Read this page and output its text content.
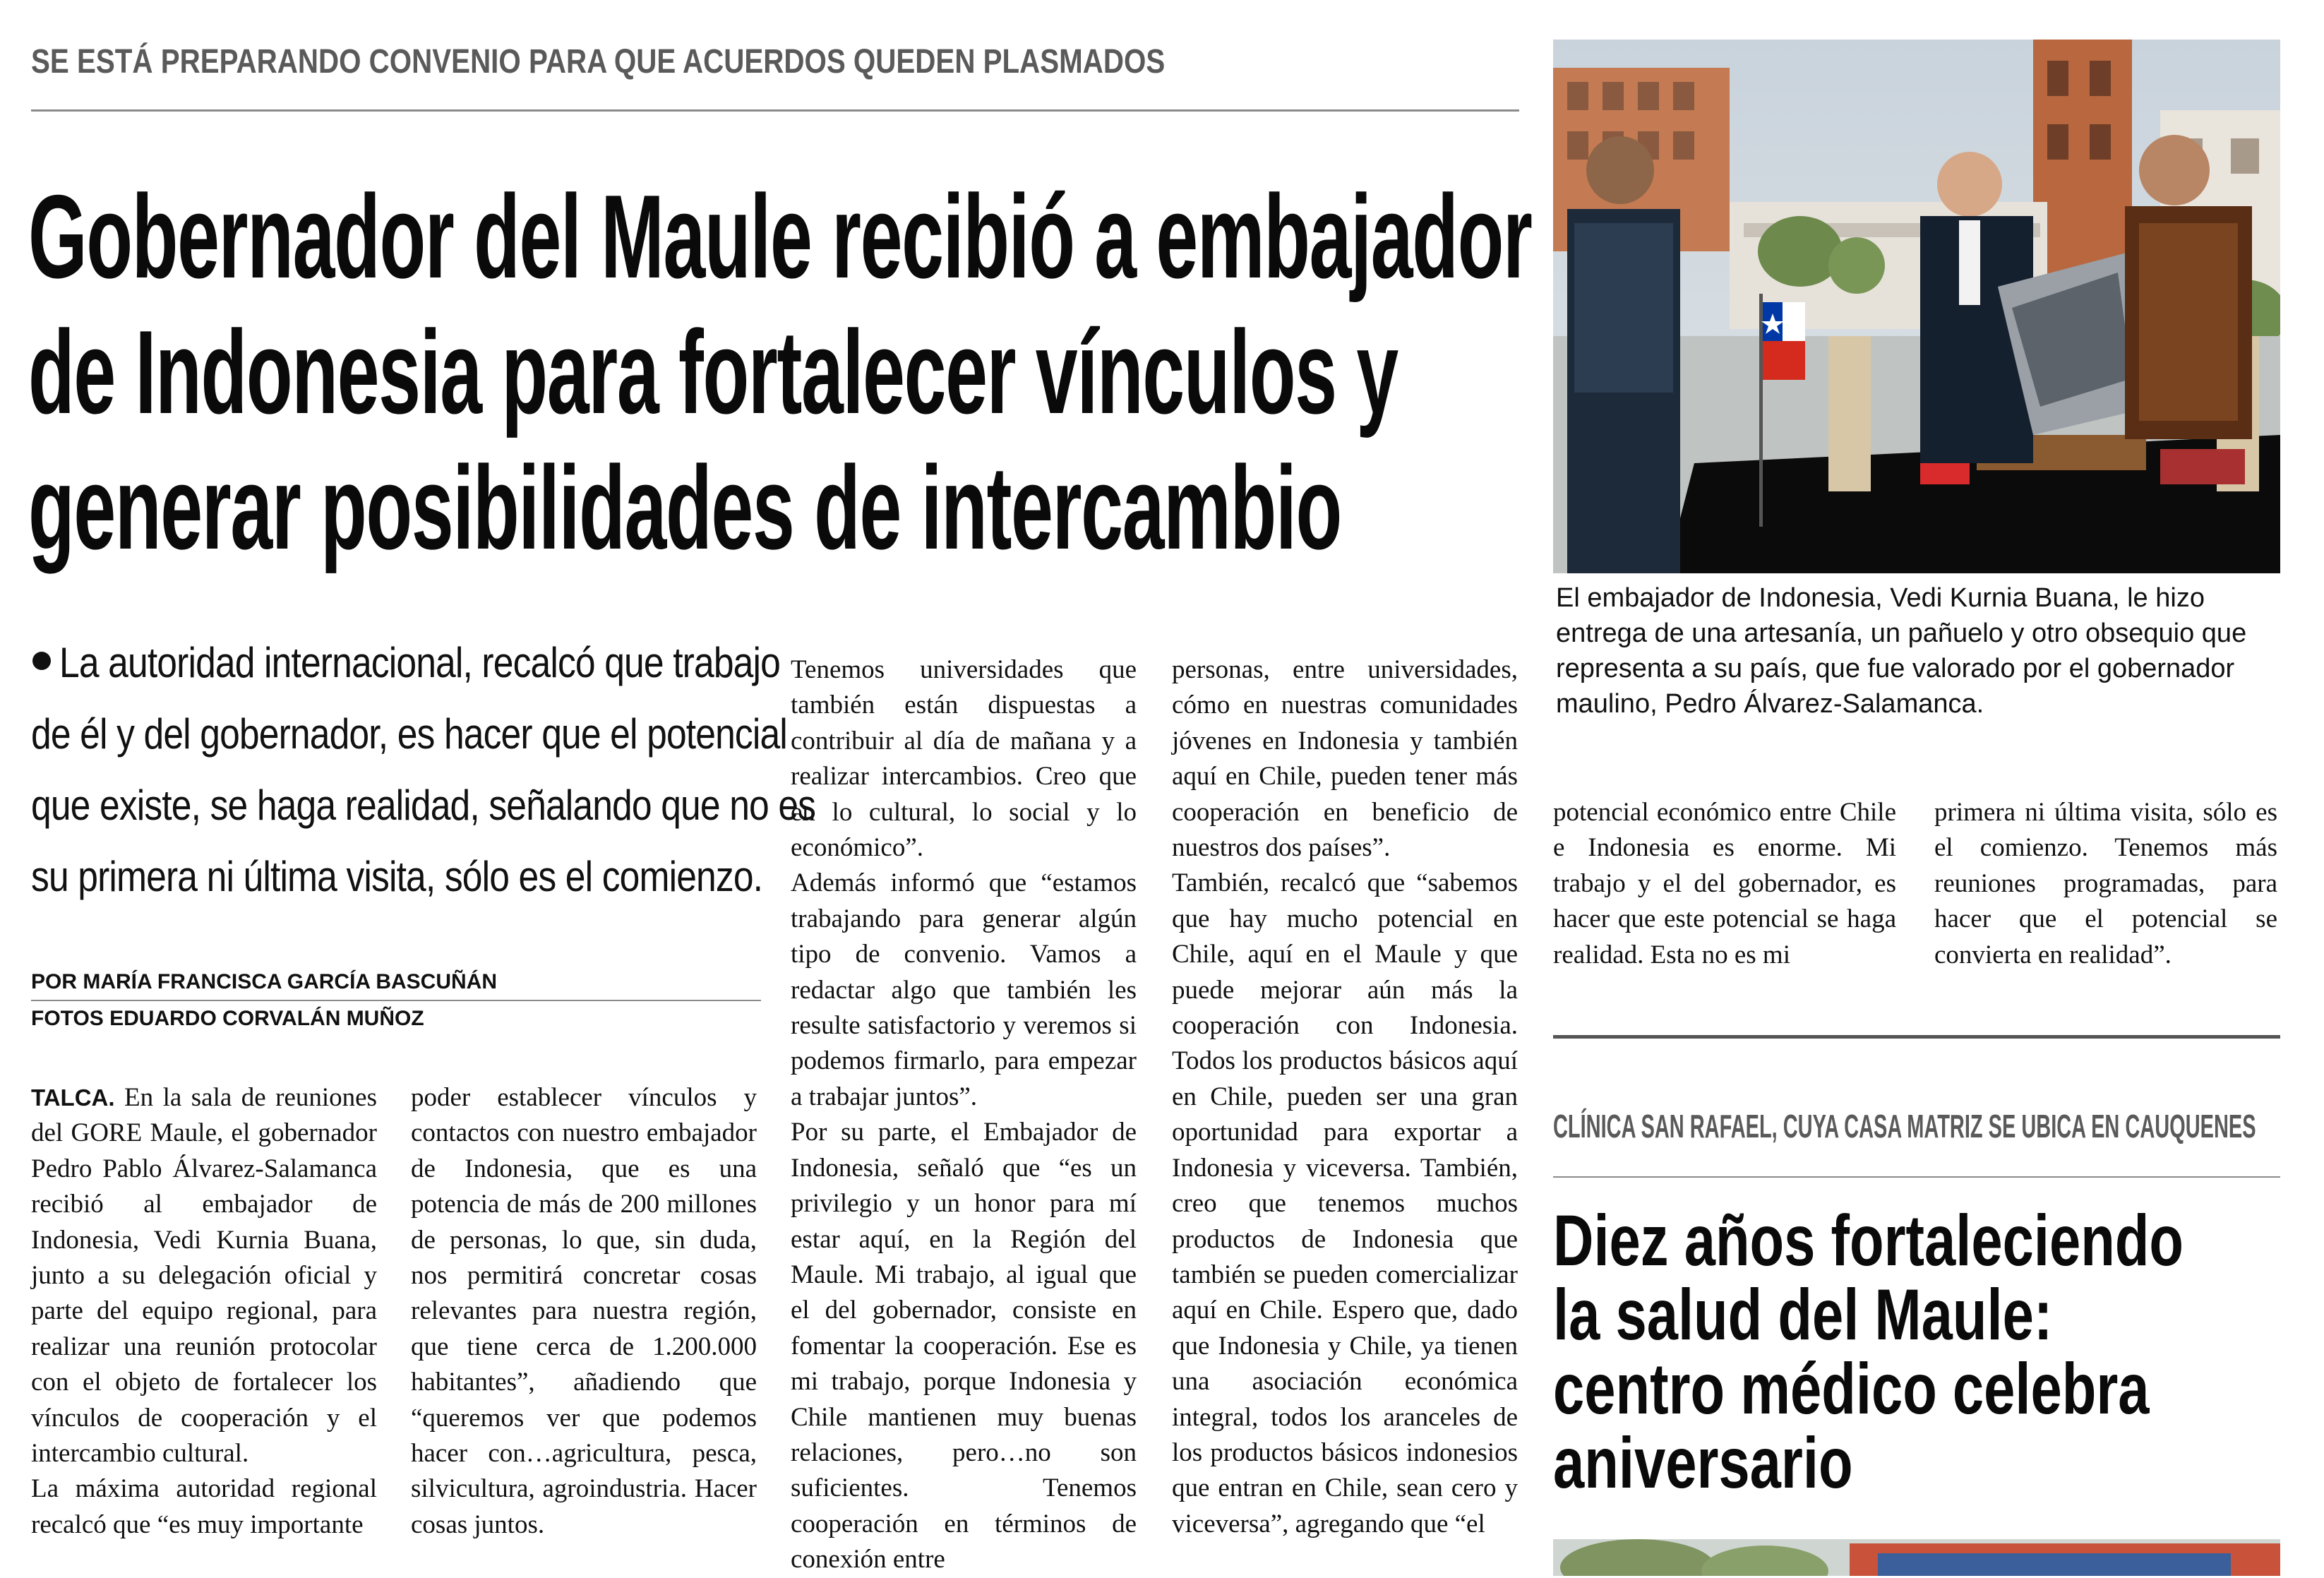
SE ESTÁ PREPARANDO CONVENIO PARA QUE ACUERDOS QUEDEN PLASMADOS
Gobernador del Maule recibió a embajador
de Indonesia para fortalecer vínculos y
generar posibilidades de intercambio
La autoridad internacional, recalcó que trabajo
de él y del gobernador, es hacer que el potencial
que existe, se haga realidad, señalando que no es
su primera ni última visita, sólo es el comienzo.
POR MARÍA FRANCISCA GARCÍA BASCUÑÁN
FOTOS EDUARDO CORVALÁN MUÑOZ
TALCA. En la sala de reuniones del GORE Maule, el gobernador Pedro Pablo Álvarez-Salamanca recibió al embajador de Indonesia, Vedi Kurnia Buana, junto a su delegación oficial y parte del equipo regional, para realizar una reunión protocolar con el objeto de fortalecer los vínculos de cooperación y el intercambio cultural.
La máxima autoridad regional recalcó que “es muy importante
poder establecer vínculos y contactos con nuestro embajador de Indonesia, que es una potencia de más de 200 millones de personas, lo que, sin duda, nos permitirá concretar cosas relevantes para nuestra región, que tiene cerca de 1.200.000 habitantes”, añadiendo que “queremos ver que podemos hacer con…agricultura, pesca, silvicultura, agroindustria. Hacer cosas juntos.
Tenemos universidades que también están dispuestas a contribuir al día de mañana y a realizar intercambios. Creo que en lo cultural, lo social y lo económico”.
Además informó que “estamos trabajando para generar algún tipo de convenio. Vamos a redactar algo que también les resulte satisfactorio y veremos si podemos firmarlo, para empezar a trabajar juntos”.
Por su parte, el Embajador de Indonesia, señaló que “es un privilegio y un honor para mí estar aquí, en la Región del Maule. Mi trabajo, al igual que el del gobernador, consiste en fomentar la cooperación. Ese es mi trabajo, porque Indonesia y Chile mantienen muy buenas relaciones, pero…no son suficientes. Tenemos cooperación en términos de conexión entre
personas, entre universidades, cómo en nuestras comunidades jóvenes en Indonesia y también aquí en Chile, pueden tener más cooperación en beneficio de nuestros dos países”.
También, recalcó que “sabemos que hay mucho potencial en Chile, aquí en el Maule y que puede mejorar aún más la cooperación con Indonesia. Todos los productos básicos aquí en Chile, pueden ser una gran oportunidad para exportar a Indonesia y viceversa. También, creo que tenemos muchos productos de Indonesia que también se pueden comercializar aquí en Chile. Espero que, dado que Indonesia y Chile, ya tienen una asociación económica integral, todos los aranceles de los productos básicos indonesios que entran en Chile, sean cero y viceversa”, agregando que “el
El embajador de Indonesia, Vedi Kurnia Buana, le hizo
entrega de una artesanía, un pañuelo y otro obsequio que
representa a su país, que fue valorado por el gobernador
maulino, Pedro Álvarez-Salamanca.
potencial económico entre Chile e Indonesia es enorme. Mi trabajo y el del gobernador, es hacer que este potencial se haga realidad. Esta no es mi
primera ni última visita, sólo es el comienzo. Tenemos más reuniones programadas, para hacer que el potencial se convierta en realidad”.
CLÍNICA SAN RAFAEL, CUYA CASA MATRIZ SE UBICA EN CAUQUENES
Diez años fortaleciendo
la salud del Maule:
centro médico celebra
aniversario
